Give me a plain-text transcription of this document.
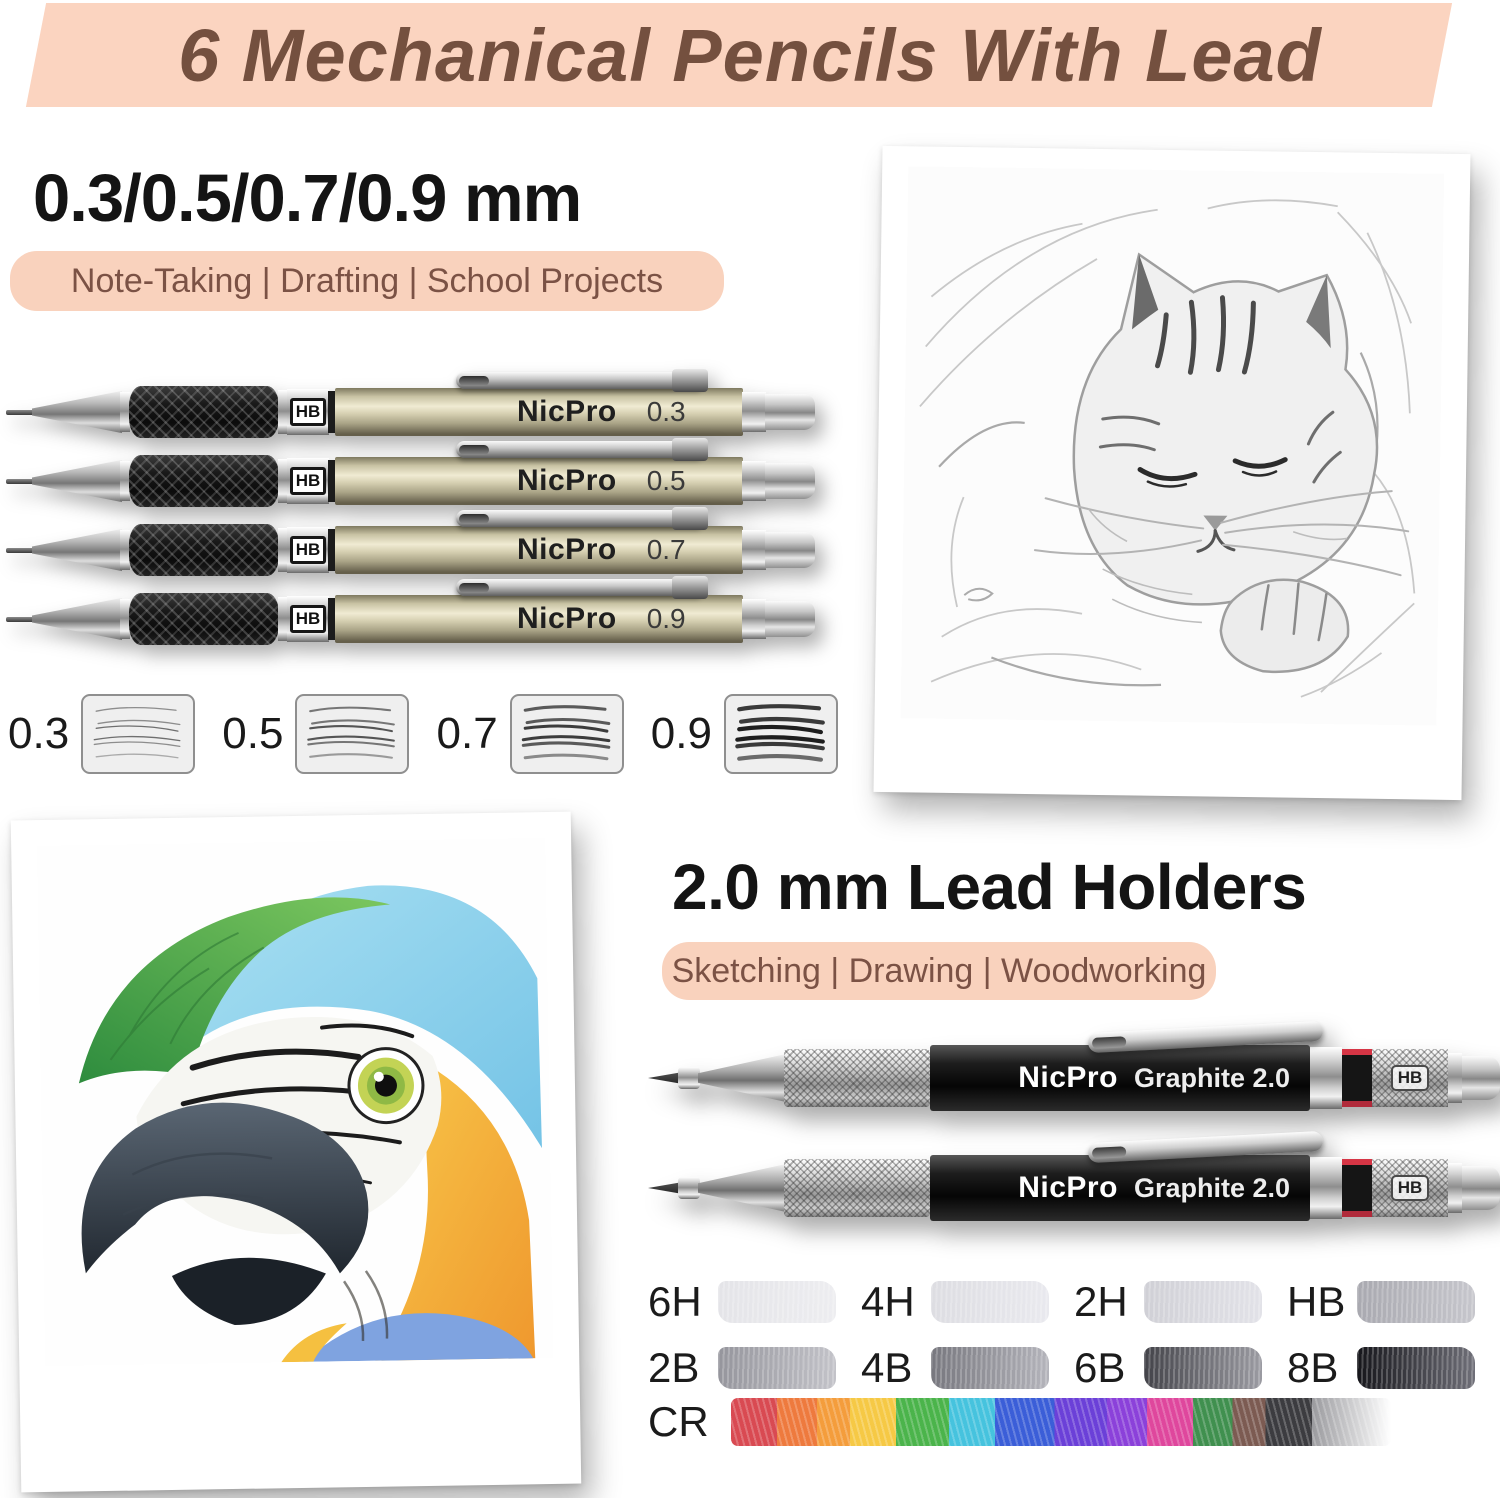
6 Mechanical Pencils With Lead
0.3/0.5/0.7/0.9 mm
Note-Taking | Drafting | School Projects
HB	NicPro 0.3
HB	NicPro 0.5
HB	NicPro 0.7
HB	NicPro 0.9
0.3	0.5	0.7	0.9
2.0 mm Lead Holders
Sketching | Drawing | Woodworking
NicPro Graphite 2.0	HB
NicPro Graphite 2.0	HB
6H	4H	2H	HB
2B	4B	6B	8B
CR
